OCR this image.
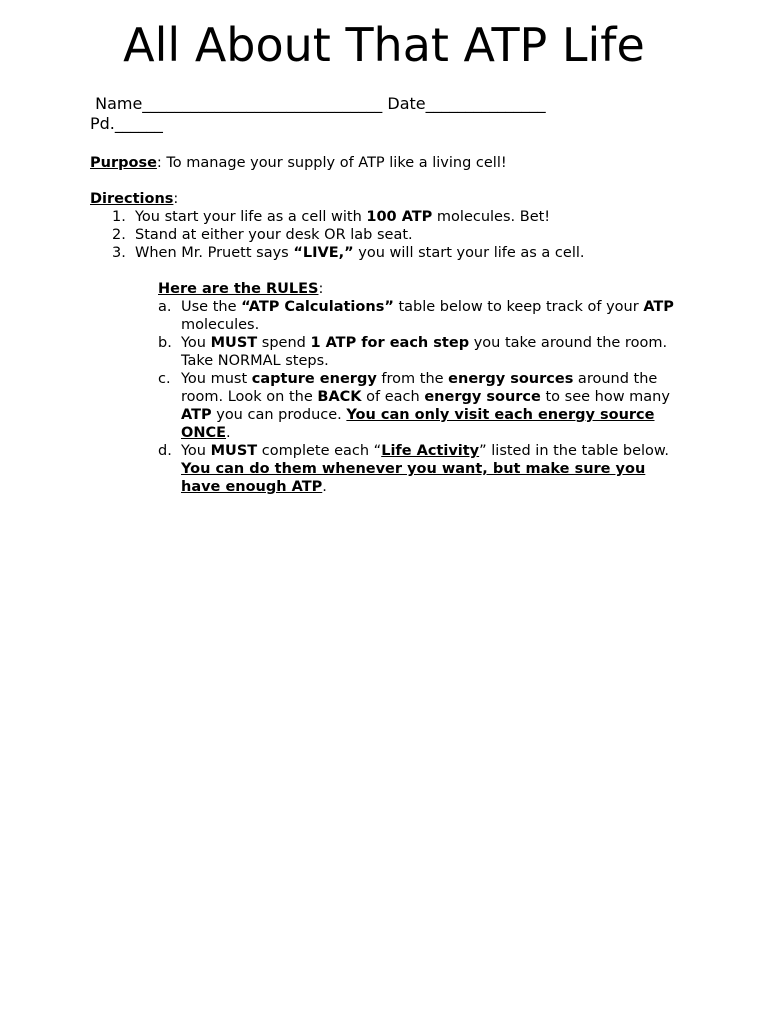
All About That ATP Life
Name______________________________ Date_______________
Pd.______
Purpose: To manage your supply of ATP like a living cell!
Directions:
1. You start your life as a cell with 100 ATP molecules. Bet!
2. Stand at either your desk OR lab seat.
3. When Mr. Pruett says “LIVE,” you will start your life as a cell.
Here are the RULES:
a. Use the “ATP Calculations” table below to keep track of your ATP molecules.
b. You MUST spend 1 ATP for each step you take around the room. Take NORMAL steps.
c. You must capture energy from the energy sources around the room. Look on the BACK of each energy source to see how many ATP you can produce. You can only visit each energy source ONCE.
d. You MUST complete each “Life Activity” listed in the table below. You can do them whenever you want, but make sure you have enough ATP.
